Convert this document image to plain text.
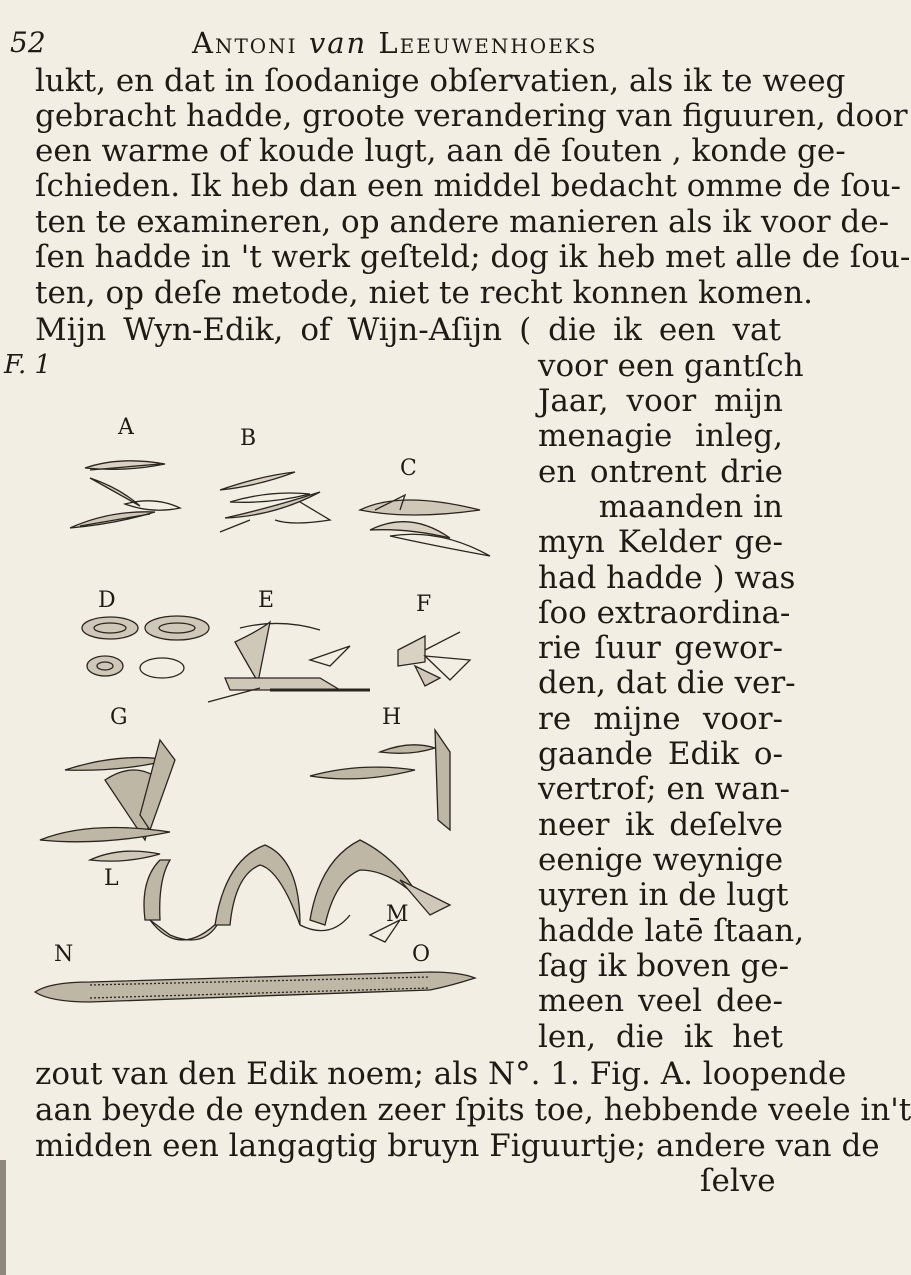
52	Antoni van Leeuwenhoeks
lukt, en dat in ſoodanige obſervatien, als ik te weeg
gebracht hadde, groote verandering van figuuren, door
een warme of koude lugt, aan dē ſouten , konde ge-
ſchieden. Ik heb dan een middel bedacht omme de ſou-
ten te examineren, op andere manieren als ik voor de-
ſen hadde in 't werk geſteld; dog ik heb met alle de ſou-
ten, op deſe metode, niet te recht konnen komen.
Mijn Wyn-Edik, of Wijn-Aſijn ( die ik een vat
voor een gantſch
Jaar, voor mijn
menagie inleg,
en ontrent drie
maanden in
myn Kelder ge-
had hadde ) was
ſoo extraordina-
rie ſuur gewor-
den, dat die ver-
re mijne voor-
gaande Edik o-
vertrof; en wan-
neer ik deſelve
eenige weynige
uyren in de lugt
hadde latē ſtaan,
ſag ik boven ge-
meen veel dee-
len, die ik het
zout van den Edik noem; als N°. 1. Fig. A. loopende
aan beyde de eynden zeer ſpits toe, hebbende veele in't
midden een langagtig bruyn Figuurtje; andere van de
ſelve
F. 1
A	B
C
D	E	F
G	H
L
M
N	O
